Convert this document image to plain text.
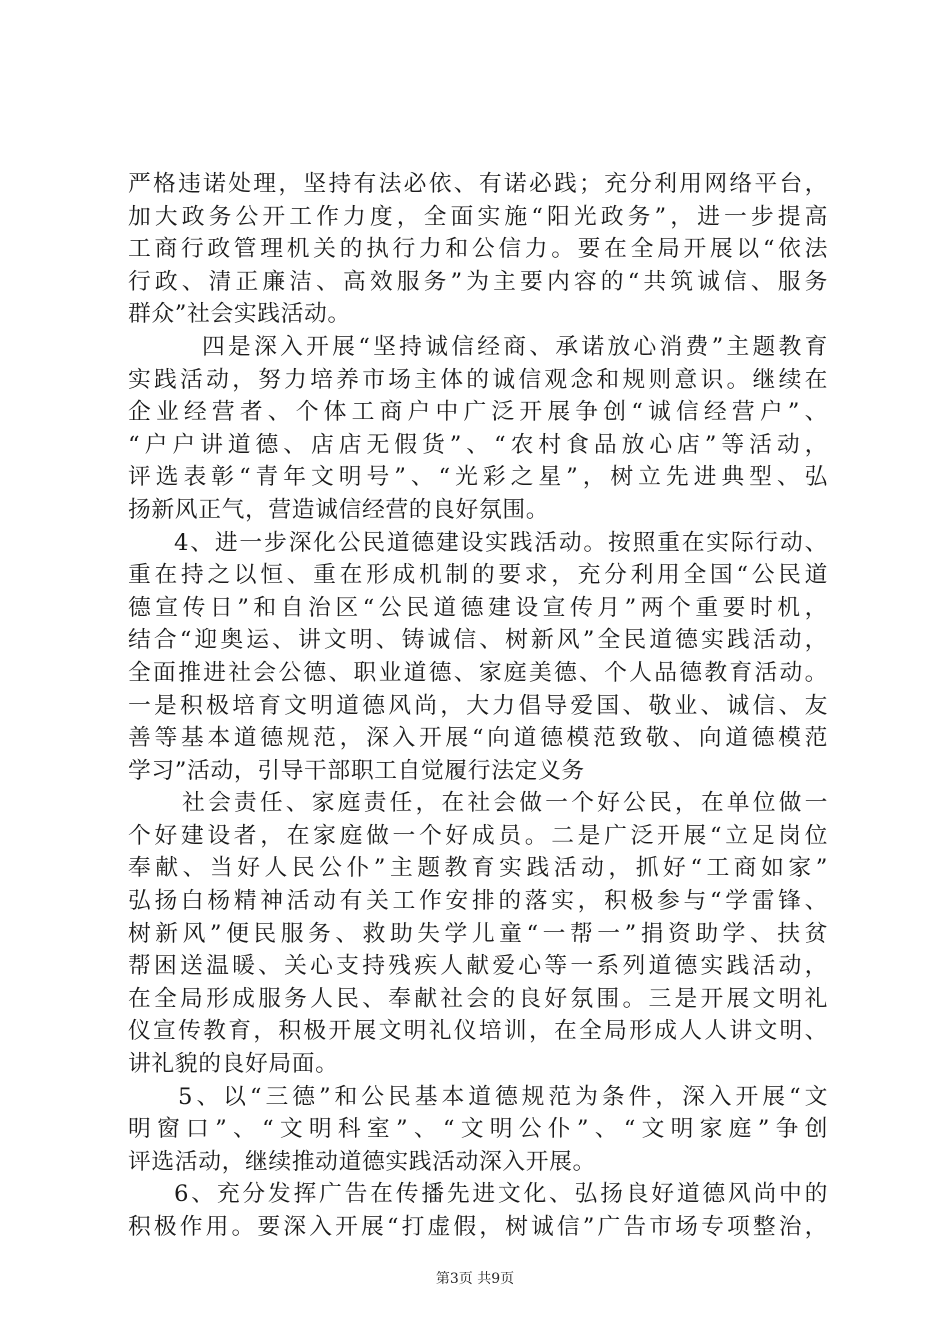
严格违诺处理，坚持有法必依、有诺必践；充分利用网络平台，
加大政务公开工作力度，全面实施“阳光政务”，进一步提高
工商行政管理机关的执行力和公信力。要在全局开展以“依法
行政、清正廉洁、高效服务”为主要内容的“共筑诚信、服务
群众”社会实践活动。
四是深入开展“坚持诚信经商、承诺放心消费”主题教育
实践活动，努力培养市场主体的诚信观念和规则意识。继续在
企业经营者、个体工商户中广泛开展争创“诚信经营户”、
“户户讲道德、店店无假货”、“农村食品放心店”等活动，
评选表彰“青年文明号”、“光彩之星”，树立先进典型、弘
扬新风正气，营造诚信经营的良好氛围。
4、进一步深化公民道德建设实践活动。按照重在实际行动、
重在持之以恒、重在形成机制的要求，充分利用全国“公民道
德宣传日”和自治区“公民道德建设宣传月”两个重要时机，
结合“迎奥运、讲文明、铸诚信、树新风”全民道德实践活动，
全面推进社会公德、职业道德、家庭美德、个人品德教育活动。
一是积极培育文明道德风尚，大力倡导爱国、敬业、诚信、友
善等基本道德规范，深入开展“向道德模范致敬、向道德模范
学习”活动，引导干部职工自觉履行法定义务
社会责任、家庭责任，在社会做一个好公民，在单位做一
个好建设者，在家庭做一个好成员。二是广泛开展“立足岗位
奉献、当好人民公仆”主题教育实践活动，抓好“工商如家”
弘扬白杨精神活动有关工作安排的落实，积极参与“学雷锋、
树新风”便民服务、救助失学儿童“一帮一”捐资助学、扶贫
帮困送温暖、关心支持残疾人献爱心等一系列道德实践活动，
在全局形成服务人民、奉献社会的良好氛围。三是开展文明礼
仪宣传教育，积极开展文明礼仪培训，在全局形成人人讲文明、
讲礼貌的良好局面。
5、以“三德”和公民基本道德规范为条件，深入开展“文
明窗口”、“文明科室”、“文明公仆”、“文明家庭”争创
评选活动，继续推动道德实践活动深入开展。
6、充分发挥广告在传播先进文化、弘扬良好道德风尚中的
积极作用。要深入开展“打虚假，树诚信”广告市场专项整治，
第3页 共9页
